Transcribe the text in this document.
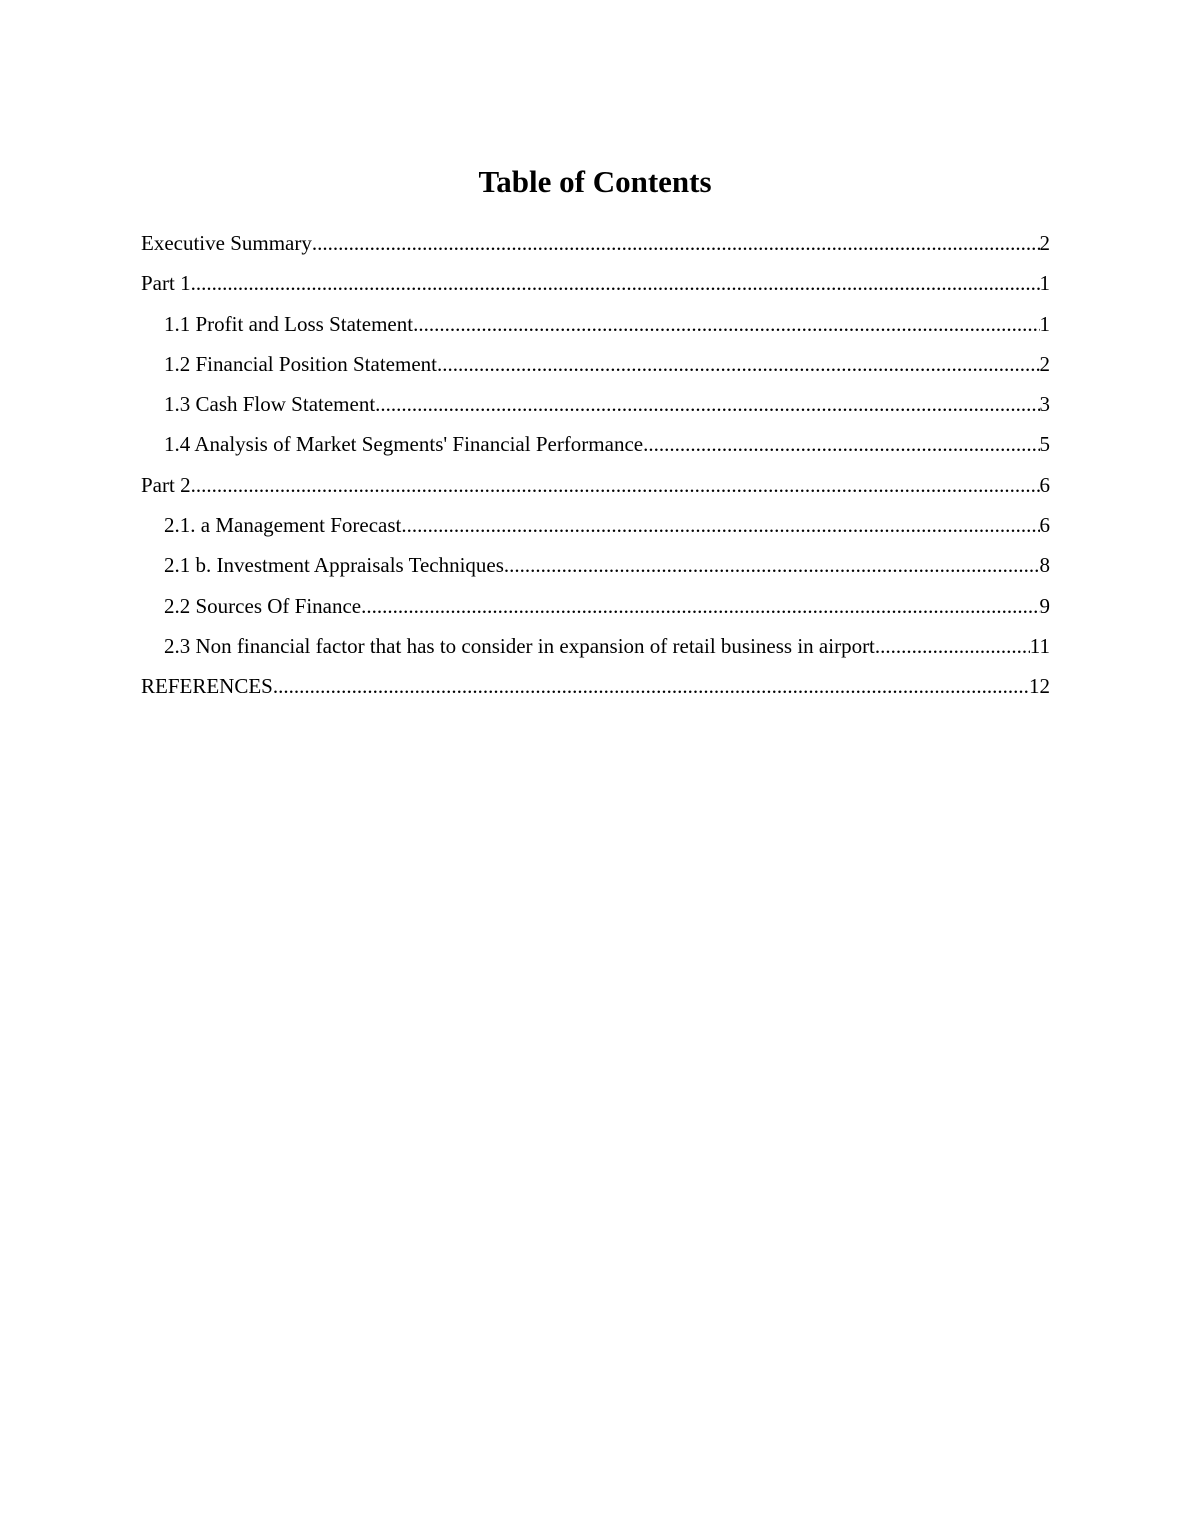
Table of Contents
Executive Summary .....	2
Part 1 .....	1
1.1 Profit and Loss Statement .....	1
1.2 Financial Position Statement .....	2
1.3 Cash Flow Statement .....	3
1.4 Analysis of Market Segments' Financial Performance .....	5
Part 2 .....	6
2.1. a Management Forecast .....	6
2.1 b. Investment Appraisals Techniques .....	8
2.2 Sources Of Finance .....	9
2.3 Non financial factor that has to consider in expansion of retail business in airport .....	11
REFERENCES .....	12
